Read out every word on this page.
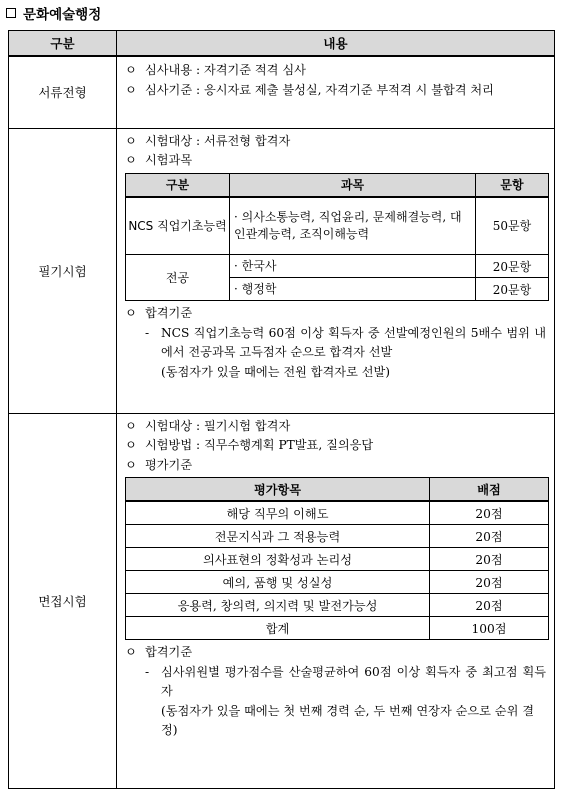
문화예술행정
구분	내용
서류전형	
ㅇ 심사내용 : 자격기준 적격 심사
ㅇ 심사기준 : 응시자료 제출 불성실, 자격기준 부적격 시 불합격 처리

필기시험	
ㅇ 시험대상 : 서류전형 합격자
ㅇ 시험과목
구분	과목	문항
NCS 직업기초능력	· 의사소통능력, 직업윤리, 문제해결능력, 대인관계능력, 조직이해능력	50문항
전공	· 한국사	20문항
· 행정학	20문항
ㅇ 합격기준
- NCS 직업기초능력 60점 이상 획득자 중 선발예정인원의 5배수 범위 내에서 전공과목 고득점자 순으로 합격자 선발
(동점자가 있을 때에는 전원 합격자로 선발)

면접시험	
ㅇ 시험대상 : 필기시험 합격자
ㅇ 시험방법 : 직무수행계획 PT발표, 질의응답
ㅇ 평가기준
평가항목	배점
해당 직무의 이해도	20점
전문지식과 그 적용능력	20점
의사표현의 정확성과 논리성	20점
예의, 품행 및 성실성	20점
응용력, 창의력, 의지력 및 발전가능성	20점
합계	100점
ㅇ 합격기준
- 심사위원별 평가점수를 산술평균하여 60점 이상 획득자 중 최고점 획득자
(동점자가 있을 때에는 첫 번째 경력 순, 두 번째 연장자 순으로 순위 결정)
